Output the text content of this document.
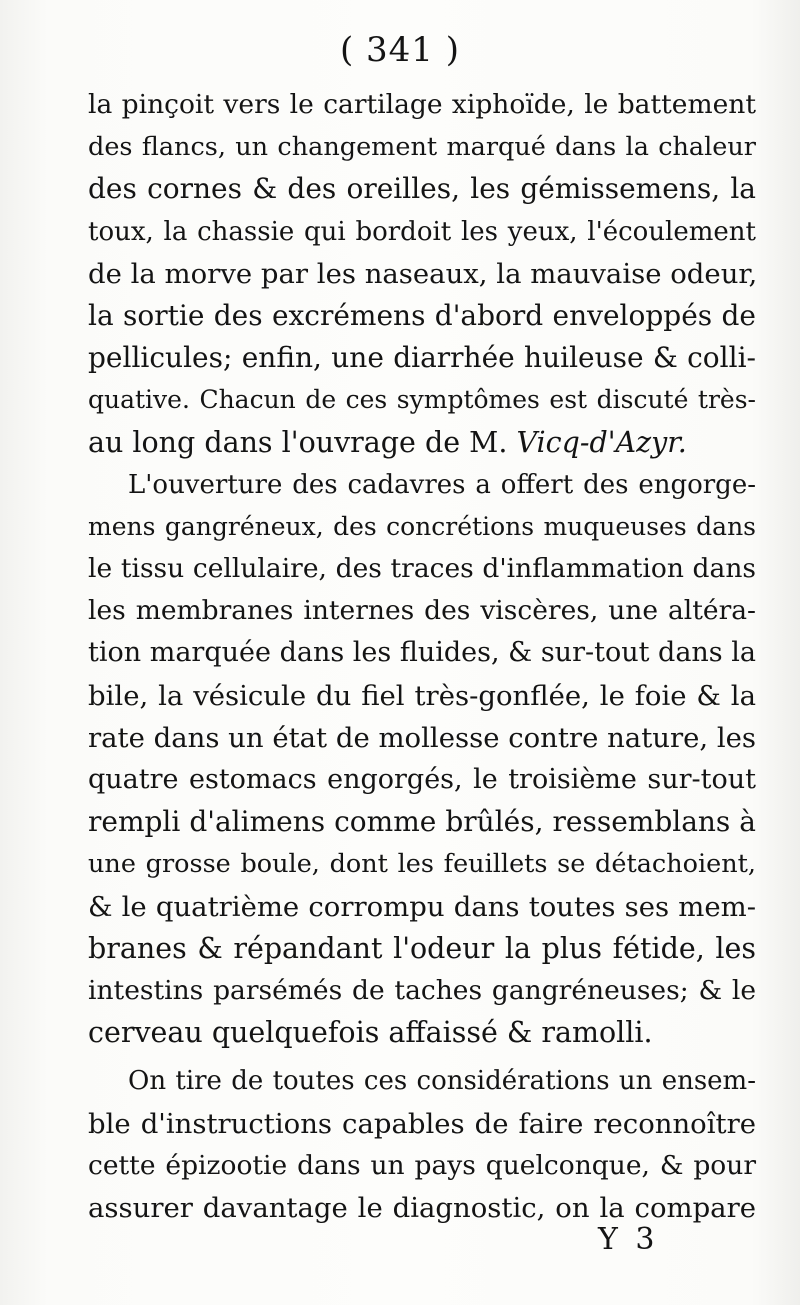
( 341 )
la pinçoit vers le cartilage xiphoïde, le battement
des flancs, un changement marqué dans la chaleur
des cornes & des oreilles, les gémissemens, la
toux, la chassie qui bordoit les yeux, l'écoulement
de la morve par les naseaux, la mauvaise odeur,
la sortie des excrémens d'abord enveloppés de
pellicules; enfin, une diarrhée huileuse & colli-
quative. Chacun de ces symptômes est discuté très-
au long dans l'ouvrage de M. Vicq-d'Azyr.
L'ouverture des cadavres a offert des engorge-
mens gangréneux, des concrétions muqueuses dans
le tissu cellulaire, des traces d'inflammation dans
les membranes internes des viscères, une altéra-
tion marquée dans les fluides, & sur-tout dans la
bile, la vésicule du fiel très-gonflée, le foie & la
rate dans un état de mollesse contre nature, les
quatre estomacs engorgés, le troisième sur-tout
rempli d'alimens comme brûlés, ressemblans à
une grosse boule, dont les feuillets se détachoient,
& le quatrième corrompu dans toutes ses mem-
branes & répandant l'odeur la plus fétide, les
intestins parsémés de taches gangréneuses; & le
cerveau quelquefois affaissé & ramolli.
On tire de toutes ces considérations un ensem-
ble d'instructions capables de faire reconnoître
cette épizootie dans un pays quelconque, & pour
assurer davantage le diagnostic, on la compare
Y 3
